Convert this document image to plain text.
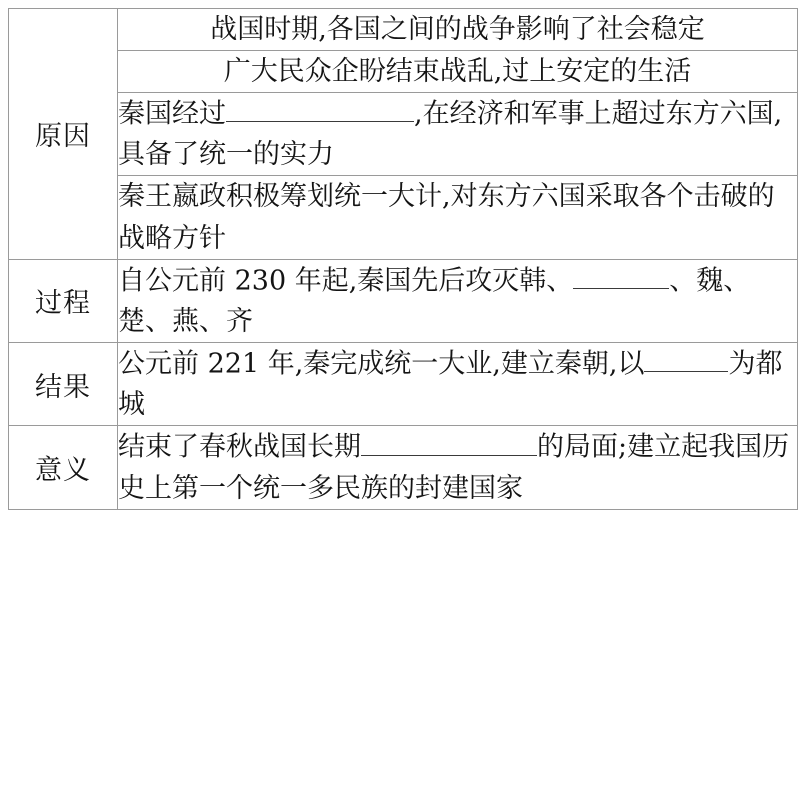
原因	战国时期,各国之间的战争影响了社会稳定
	广大民众企盼结束战乱,过上安定的生活
	秦国经过 ,在经济和军事上超过东方六国,具备了统一的实力
	秦王嬴政积极筹划统一大计,对东方六国采取各个击破的战略方针
过程	自公元前 230 年起,秦国先后攻灭韩、 、魏、楚、燕、齐
结果	公元前 221 年,秦完成统一大业,建立秦朝,以 为都城
意义	结束了春秋战国长期 的局面;建立起我国历史上第一个统一多民族的封建国家
